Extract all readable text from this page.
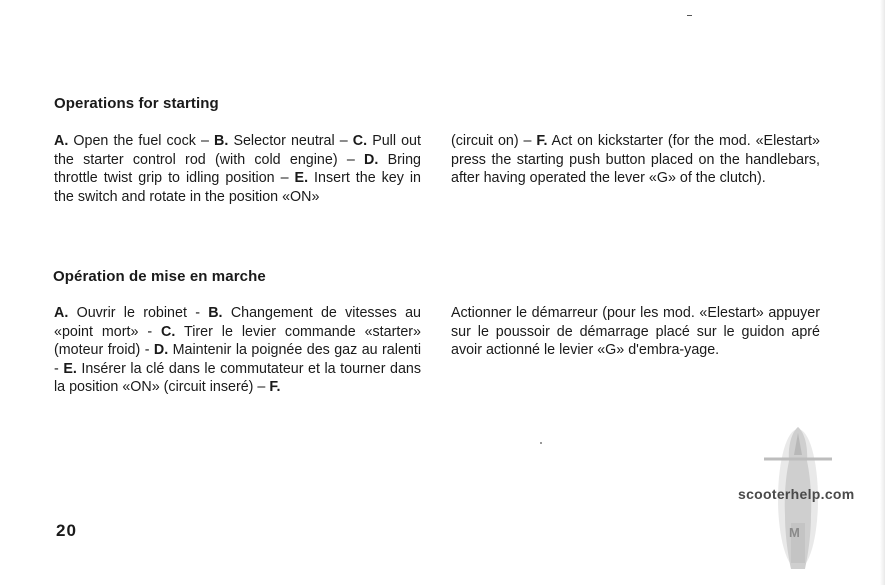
Operations for starting
A. Open the fuel cock – B. Selector neutral – C. Pull out the starter control rod (with cold engine) – D. Bring throttle twist grip to idling position – E. Insert the key in the switch and rotate in the position «ON»
(circuit on) – F. Act on kickstarter (for the mod. «Elestart» press the starting push button placed on the handlebars, after having operated the lever «G» of the clutch).
Opération de mise en marche
A. Ouvrir le robinet - B. Changement de vitesses au «point mort» - C. Tirer le levier commande «starter» (moteur froid) - D. Maintenir la poignée des gaz au ralenti - E. Insérer la clé dans le commutateur et la tourner dans la position «ON» (circuit inseré) – F.
Actionner le démarreur (pour les mod. «Elestart» appuyer sur le poussoir de démarrage placé sur le guidon apré avoir actionné le levier «G» d'embra-yage.
20	M
scooterhelp.com
